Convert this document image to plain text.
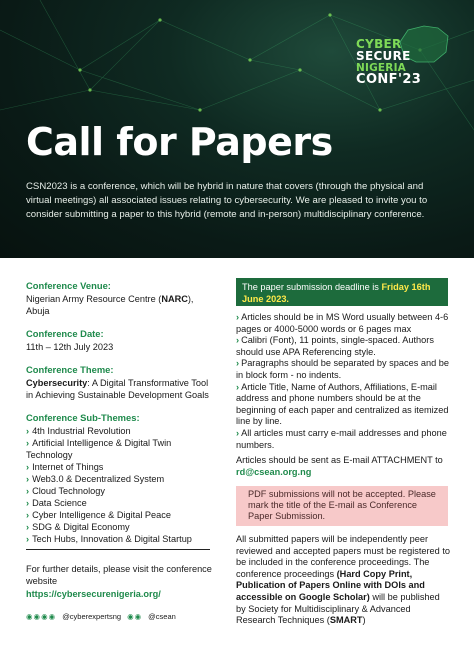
CYBER
SECURE
NIGERIA
CONF'23
Call for Papers
CSN2023 is a conference, which will be hybrid in nature that covers (through the physical and virtual meetings) all associated issues relating to cybersecurity. We are pleased to invite you to consider submitting a paper to this hybrid (remote and in-person) multidisciplinary conference.
Conference Venue:
Nigerian Army Resource Centre (NARC),
Abuja
Conference Date:
11th – 12th July 2023
Conference Theme:
Cybersecurity: A Digital Transformative Tool in Achieving Sustainable Development Goals
Conference Sub-Themes:
› 4th Industrial Revolution
› Artificial Intelligence & Digital Twin Technology
› Internet of Things
› Web3.0 & Decentralized System
› Cloud Technology
› Data Science
› Cyber Intelligence & Digital Peace
› SDG & Digital Economy
› Tech Hubs, Innovation & Digital Startup
For further details, please visit the conference website
https://cybersecurenigeria.org/
◉◉◉◉ @cyberexpertsng ◉◉ @csean
The paper submission deadline is Friday 16th June 2023.
› Articles should be in MS Word usually between 4-6 pages or 4000-5000 words or 6 pages max
› Calibri (Font), 11 points, single-spaced. Authors should use APA Referencing style.
› Paragraphs should be separated by spaces and be in block form - no indents.
› Article Title, Name of Authors, Affiliations, E-mail address and phone numbers should be at the beginning of each paper and centralized as itemized line by line.
› All articles must carry e-mail addresses and phone numbers.
Articles should be sent as E-mail ATTACHMENT to rd@csean.org.ng
PDF submissions will not be accepted. Please mark the title of the E-mail as Conference Paper Submission.
All submitted papers will be independently peer reviewed and accepted papers must be registered to be included in the conference proceedings. The conference proceedings (Hard Copy Print, Publication of Papers Online with DOIs and accessible on Google Scholar) will be published by Society for Multidisciplinary & Advanced Research Techniques (SMART)
